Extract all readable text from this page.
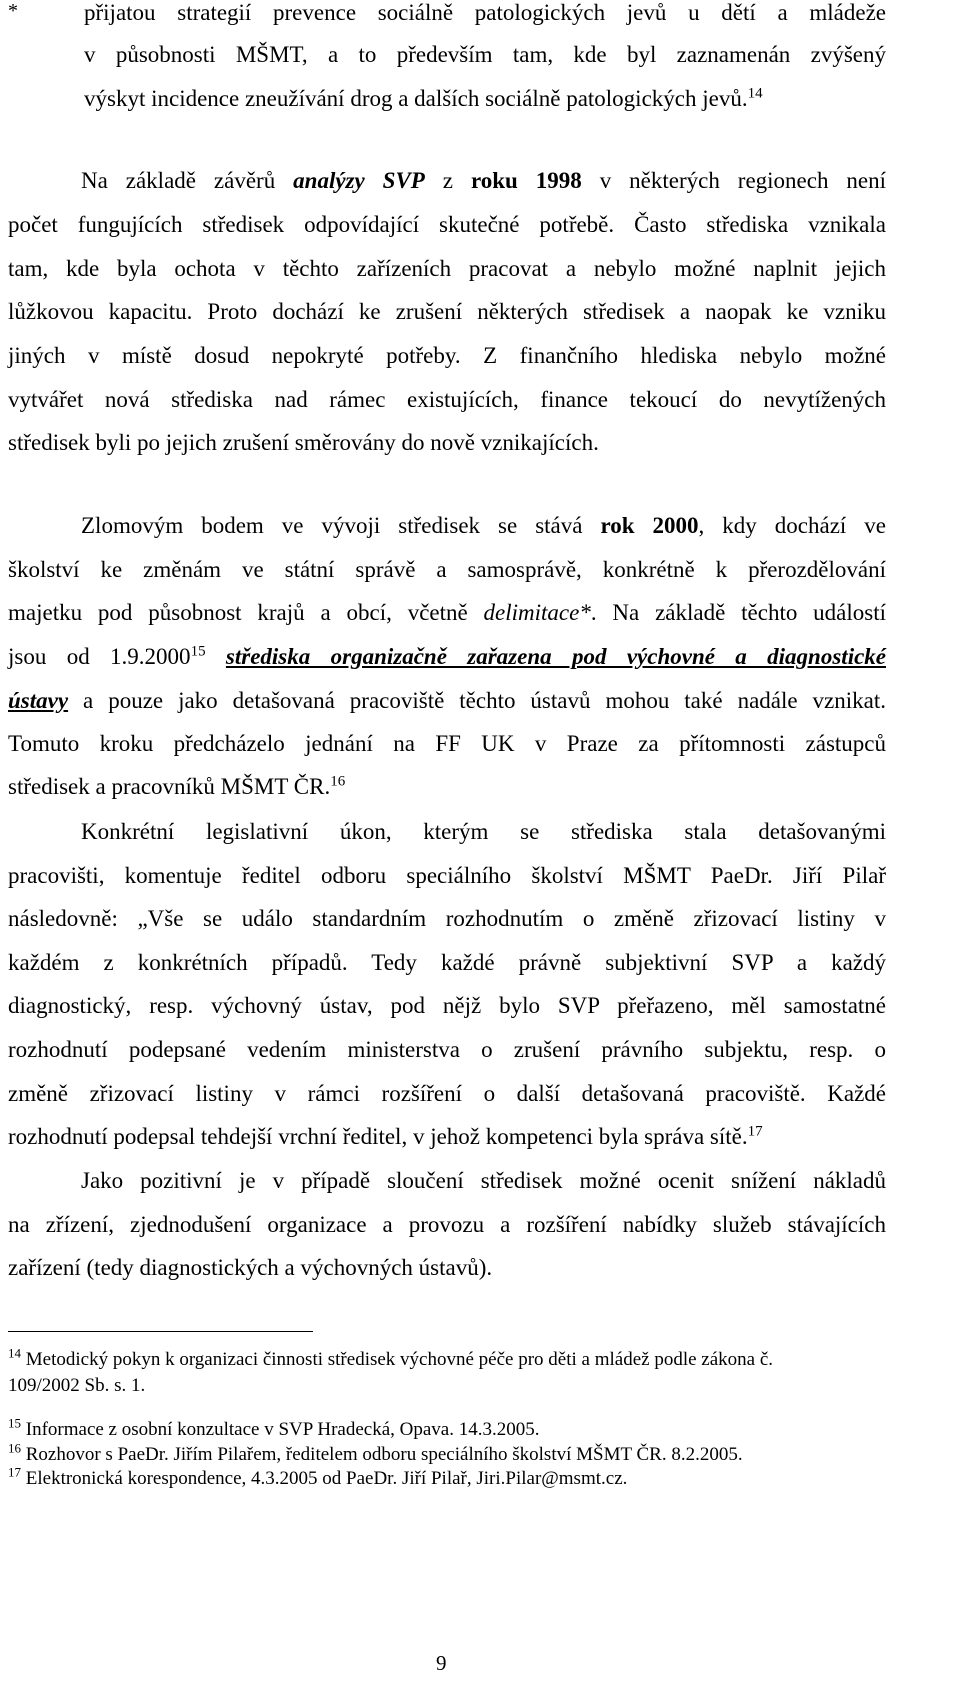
*	přijatou strategií prevence sociálně patologických jevů u dětí a mládeže
v působnosti MŠMT, a to především tam, kde byl zaznamenán zvýšený
výskyt incidence zneužívání drog a dalších sociálně patologických jevů.$^{14}$
Na základě závěrů analýzy SVP z roku 1998 v některých regionech není
počet fungujících středisek odpovídající skutečné potřebě. Často střediska vznikala
tam, kde byla ochota v těchto zařízeních pracovat a nebylo možné naplnit jejich
lůžkovou kapacitu. Proto dochází ke zrušení některých středisek a naopak ke vzniku
jiných v místě dosud nepokryté potřeby. Z finančního hlediska nebylo možné
vytvářet nová střediska nad rámec existujících, finance tekoucí do nevytížených
středisek byli po jejich zrušení směrovány do nově vznikajících.
Zlomovým bodem ve vývoji středisek se stává rok 2000, kdy dochází ve
školství ke změnám ve státní správě a samosprávě, konkrétně k přerozdělování
majetku pod působnost krajů a obcí, včetně delimitace*. Na základě těchto událostí
jsou od 1.9.2000$^{15}$ střediska organizačně zařazena pod výchovné a diagnostické
ústavy a pouze jako detašovaná pracoviště těchto ústavů mohou také nadále vznikat.
Tomuto kroku předcházelo jednání na FF UK v Praze za přítomnosti zástupců
středisek a pracovníků MŠMT ČR.$^{16}$
Konkrétní legislativní úkon, kterým se střediska stala detašovanými
pracovišti, komentuje ředitel odboru speciálního školství MŠMT PaeDr. Jiří Pilař
následovně: „Vše se událo standardním rozhodnutím o změně zřizovací listiny v
každém z konkrétních případů. Tedy každé právně subjektivní SVP a každý
diagnostický, resp. výchovný ústav, pod nějž bylo SVP přeřazeno, měl samostatné
rozhodnutí podepsané vedením ministerstva o zrušení právního subjektu, resp. o
změně zřizovací listiny v rámci rozšíření o další detašovaná pracoviště. Každé
rozhodnutí podepsal tehdejší vrchní ředitel, v jehož kompetenci byla správa sítě.$^{17}$
Jako pozitivní je v případě sloučení středisek možné ocenit snížení nákladů
na zřízení, zjednodušení organizace a provozu a rozšíření nabídky služeb stávajících
zařízení (tedy diagnostických a výchovných ústavů).
$^{14}$ Metodický pokyn k organizaci činnosti středisek výchovné péče pro děti a mládež podle zákona č.
109/2002 Sb. s. 1.
$^{15}$ Informace z osobní konzultace v SVP Hradecká, Opava. 14.3.2005.
$^{16}$ Rozhovor s PaeDr. Jiřím Pilařem, ředitelem odboru speciálního školství MŠMT ČR. 8.2.2005.
$^{17}$ Elektronická korespondence, 4.3.2005 od PaeDr. Jiří Pilař, Jiri.Pilar@msmt.cz.
9
